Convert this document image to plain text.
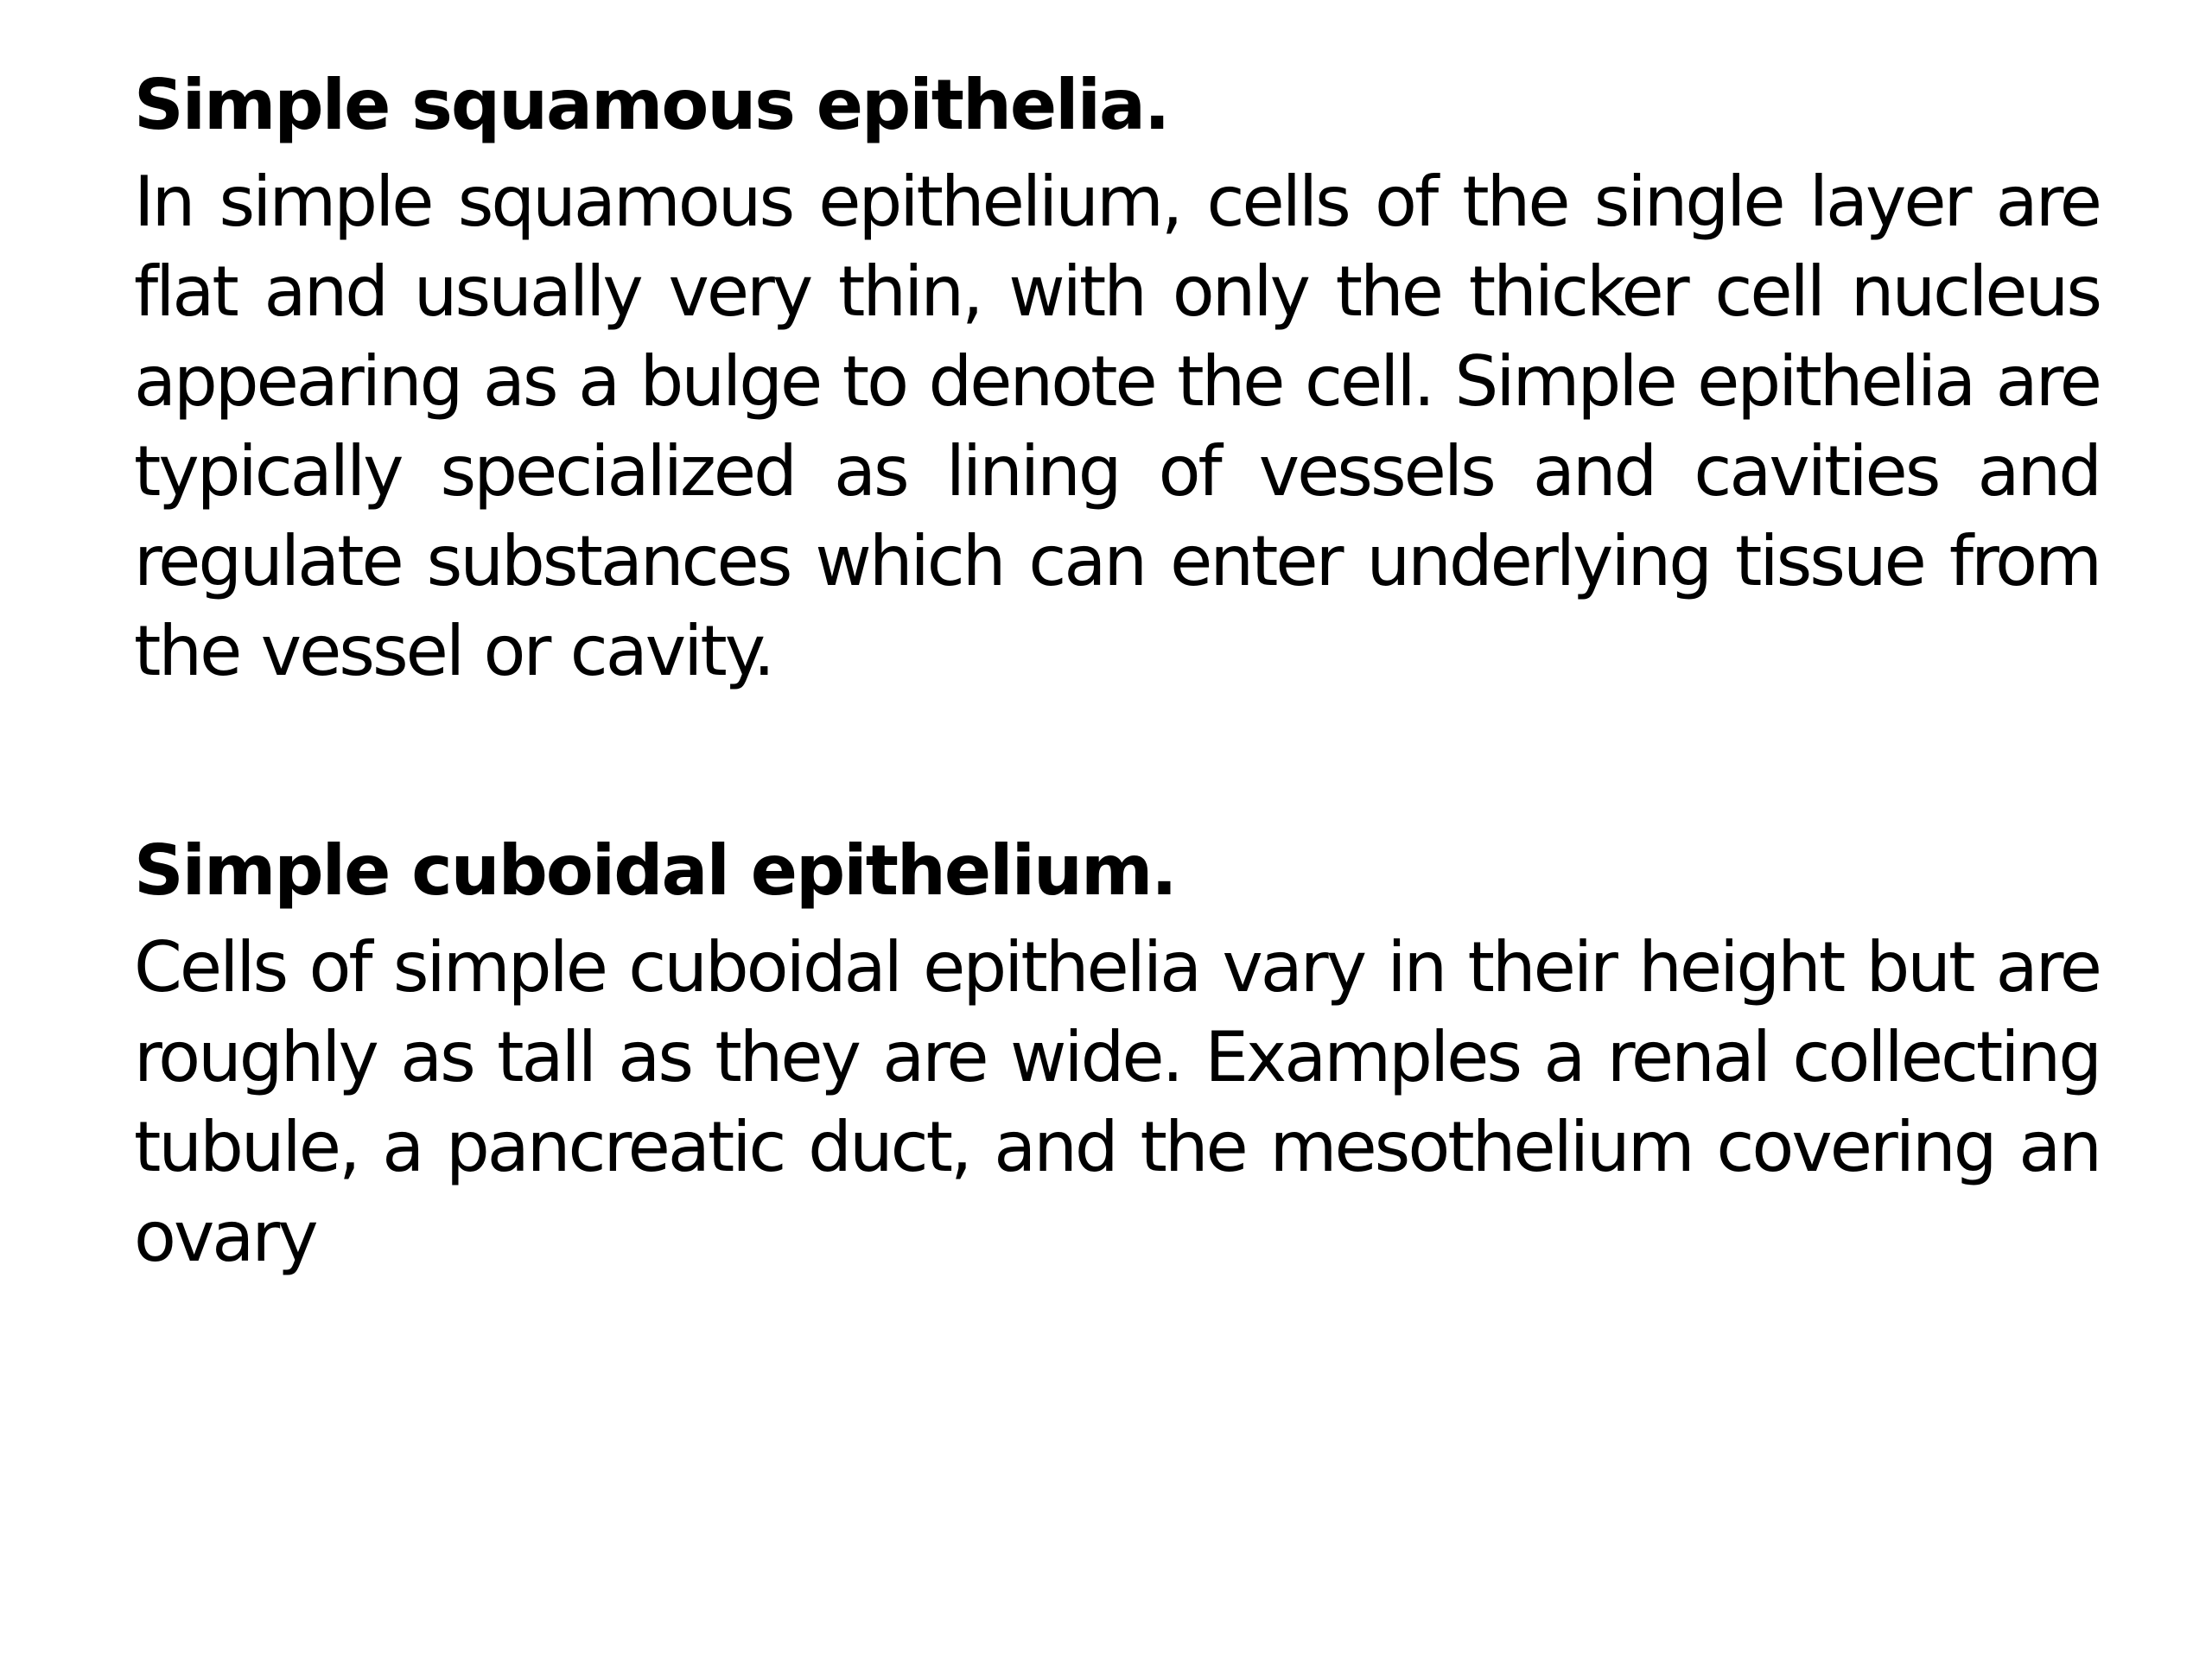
Simple squamous epithelia.

In simple squamous epithelium, cells of the single layer are flat and usually very thin, with only the thicker cell nucleus appearing as a bulge to denote the cell. Simple epithelia are typically specialized as lining of vessels and cavities and regulate substances which can enter underlying tissue from the vessel or cavity.

Simple cuboidal epithelium.

Cells of simple cuboidal epithelia vary in their height but are roughly as tall as they are wide. Examples a renal collecting tubule, a pancreatic duct, and the mesothelium covering an ovary
